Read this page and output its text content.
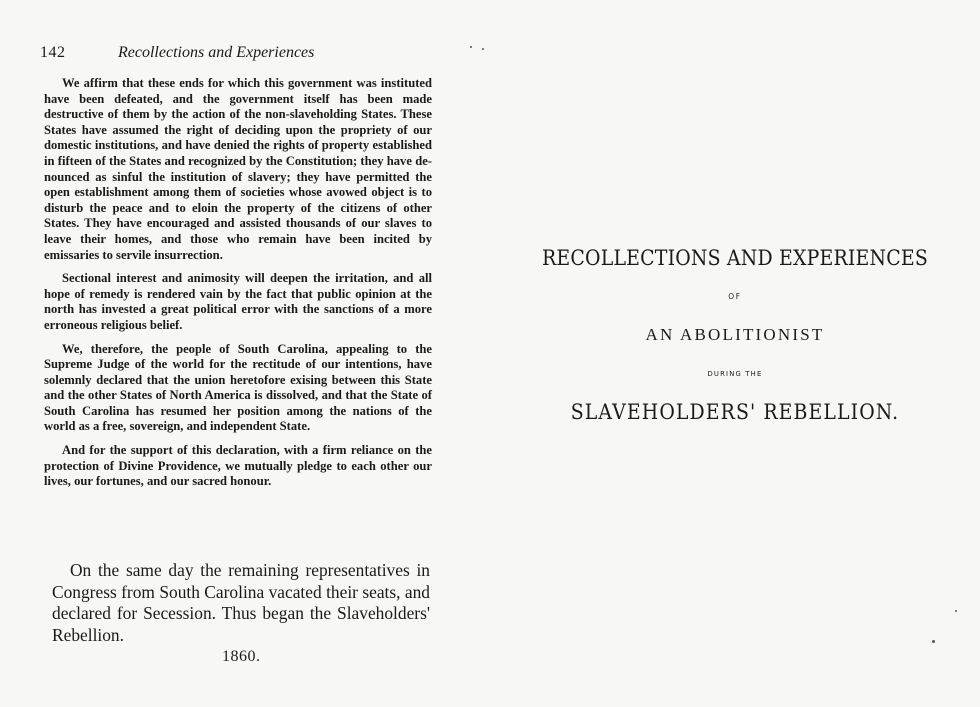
142	Recollections and Experiences

We affirm that these ends for which this government was instituted have been defeated, and the government itself has been made destructive of them by the action of the non-slaveholding States. These States have assumed the right of deciding upon the propriety of our domestic institutions, and have denied the rights of property established in fifteen of the States and recognized by the Constitution; they have denounced as sinful the institution of slavery; they have permitted the open establishment among them of societies whose avowed object is to disturb the peace and to eloin the property of the citizens of other States. They have encouraged and assisted thousands of our slaves to leave their homes, and those who remain have been incited by emissaries to servile insurrection.

Sectional interest and animosity will deepen the irritation, and all hope of remedy is rendered vain by the fact that public opinion at the north has invested a great political error with the sanctions of a more erroneous religious belief.

We, therefore, the people of South Carolina, appealing to the Supreme Judge of the world for the rectitude of our intentions, have solemnly declared that the union heretofore exising between this State and the other States of North America is dissolved, and that the State of South Carolina has resumed her position among the nations of the world as a free, sovereign, and independent State.

And for the support of this declaration, with a firm reliance on the protection of Divine Providence, we mutually pledge to each other our lives, our fortunes, and our sacred honour.

On the same day the remaining representatives in Congress from South Carolina vacated their seats, and declared for Secession. Thus began the Slaveholders' Rebellion.

1860.

RECOLLECTIONS AND EXPERIENCES

OF

AN ABOLITIONIST

DURING THE

SLAVEHOLDERS' REBELLION.
